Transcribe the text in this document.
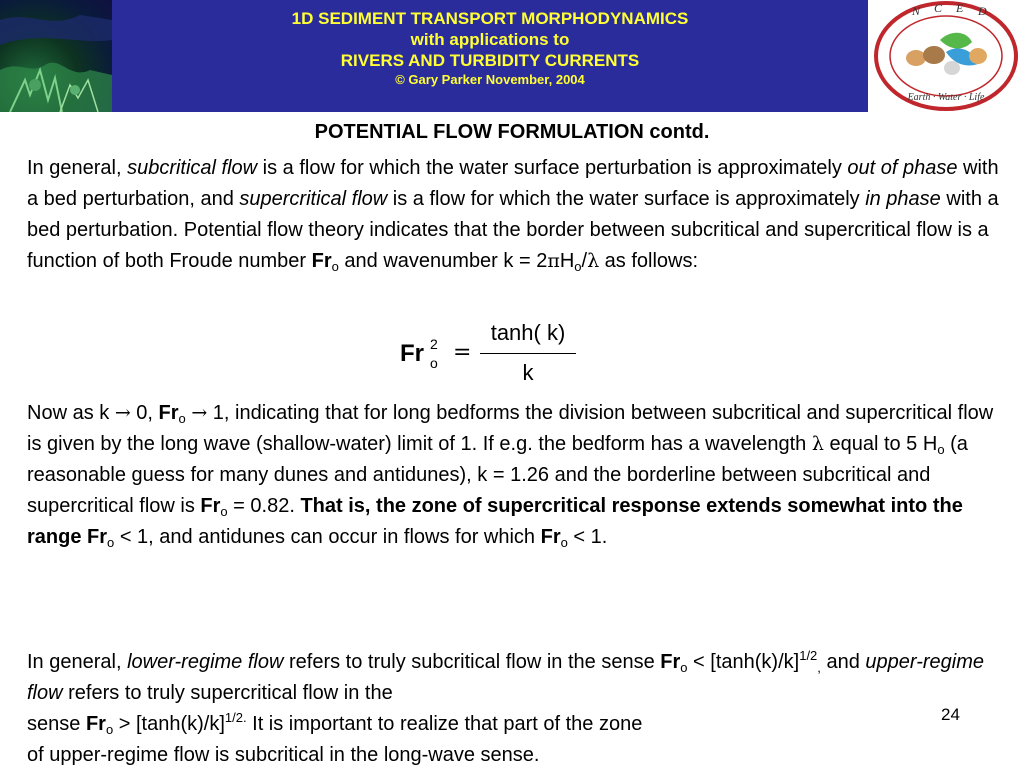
1D SEDIMENT TRANSPORT MORPHODYNAMICS
with applications to
RIVERS AND TURBIDITY CURRENTS
© Gary Parker November, 2004
N C E D
Earth · Water · Life
POTENTIAL FLOW FORMULATION contd.
In general, subcritical flow is a flow for which the water surface perturbation is approximately out of phase with a bed perturbation, and supercritical flow is a flow for which the water surface is approximately in phase with a bed perturbation. Potential flow theory indicates that the border between subcritical and supercritical flow is a function of both Froude number $Fr_o$ and wavenumber $k = 2\pi H_o/\lambda$ as follows:
Fr 2
o =
tanh( k)
k
Now as k → 0, $Fr_o \to 1$, indicating that for long bedforms the division between subcritical and supercritical flow is given by the long wave (shallow-water) limit of 1. If e.g. the bedform has a wavelength λ equal to 5 $H_o$ (a reasonable guess for many dunes and antidunes), k = 1.26 and the borderline between subcritical and supercritical flow is $Fr_o = 0.82$. That is, the zone of supercritical response extends somewhat into the range $Fr_o < 1$, and antidunes can occur in flows for which $Fr_o < 1$.
In general, lower-regime flow refers to truly subcritical flow in the sense $Fr_o < [\tanh(k)/k]^{1/2}_,$ and upper-regime flow refers to truly supercritical flow in the
sense $Fr_o > [\tanh(k)/k]^{1/2.}$ It is important to realize that part of the zone
of upper-regime flow is subcritical in the long-wave sense.
24
